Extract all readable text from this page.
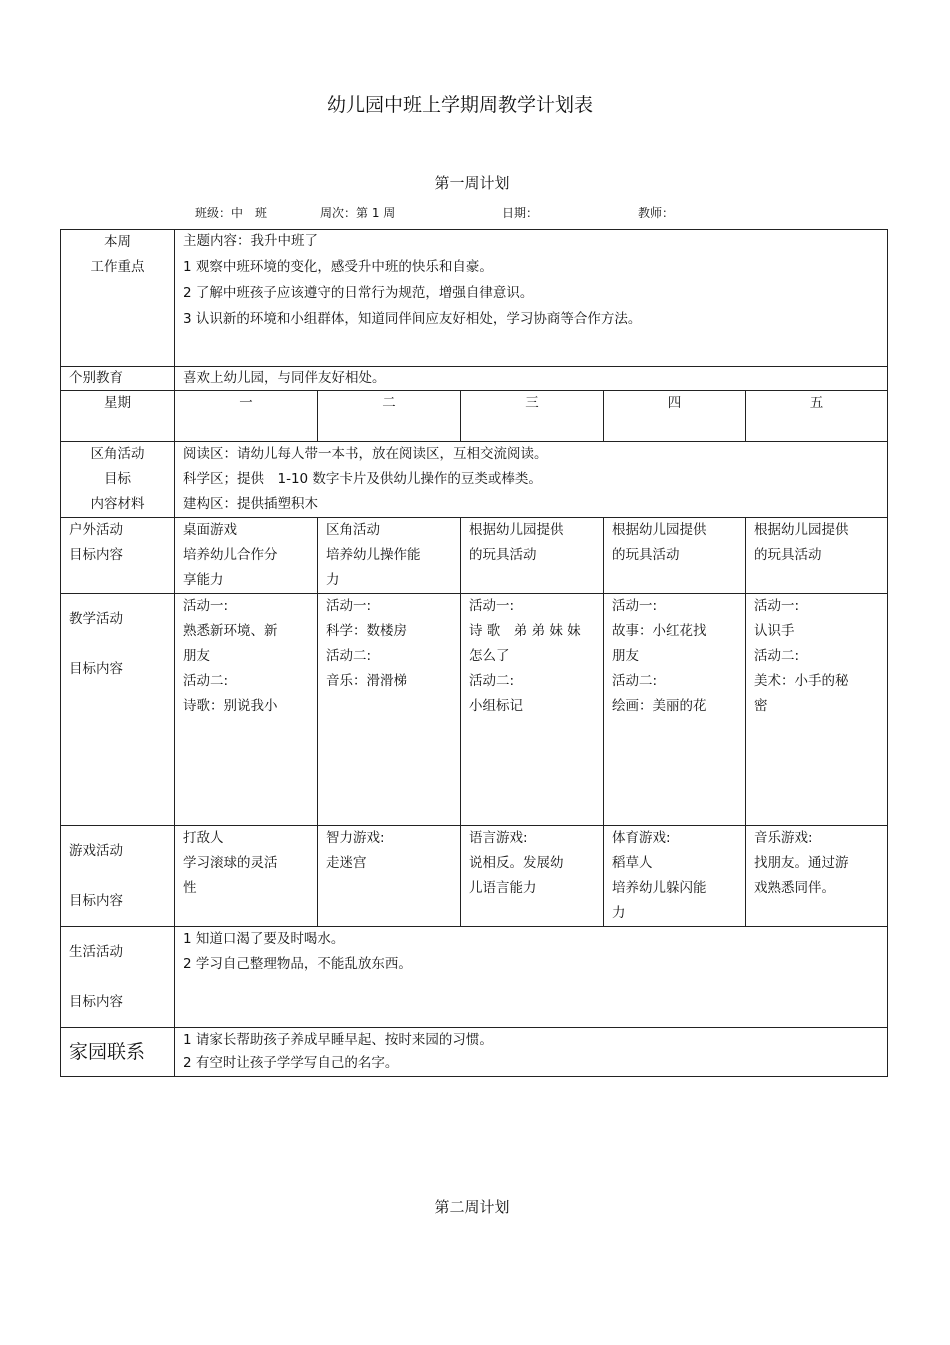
幼儿园中班上学期周教学计划表
第一周计划
班级：中　班	周次：第 1 周	日期：	教师：
本周
工作重点	主题内容：我升中班了
1 观察中班环境的变化，感受升中班的快乐和自豪。
2 了解中班孩子应该遵守的日常行为规范，增强自律意识。
3 认识新的环境和小组群体，知道同伴间应友好相处，学习协商等合作方法。				

个别教育	喜欢上幼儿园，与同伴友好相处。				
星期	一	二	三	四	五

区角活动
目标
内容材料	阅读区：请幼儿每人带一本书，放在阅读区，互相交流阅读。
科学区；提供　1-10 数字卡片及供幼儿操作的豆类或棒类。
建构区：提供插塑积木				

户外活动
目标内容	桌面游戏
培养幼儿合作分
享能力	区角活动
培养幼儿操作能
力	根据幼儿园提供
的玩具活动	根据幼儿园提供
的玩具活动	根据幼儿园提供
的玩具活动

教学活动
目标内容	活动一:
熟悉新环境、新
朋友
活动二:
诗歌：别说我小	活动一:
科学：数楼房
活动二:
音乐：滑滑梯	活动一:
诗 歌　弟 弟 妹 妹
怎么了
活动二:
小组标记	活动一:
故事：小红花找
朋友
活动二:
绘画：美丽的花	活动一:
认识手
活动二:
美术：小手的秘
密

游戏活动
目标内容	打敌人
学习滚球的灵活
性	智力游戏:
走迷宫	语言游戏:
说相反。发展幼
儿语言能力	体育游戏:
稻草人
培养幼儿躲闪能
力	音乐游戏:
找朋友。通过游
戏熟悉同伴。

生活活动
目标内容	1 知道口渴了要及时喝水。
2 学习自己整理物品，不能乱放东西。				

家园联系	1 请家长帮助孩子养成早睡早起、按时来园的习惯。
2 有空时让孩子学学写自己的名字。				
第二周计划
